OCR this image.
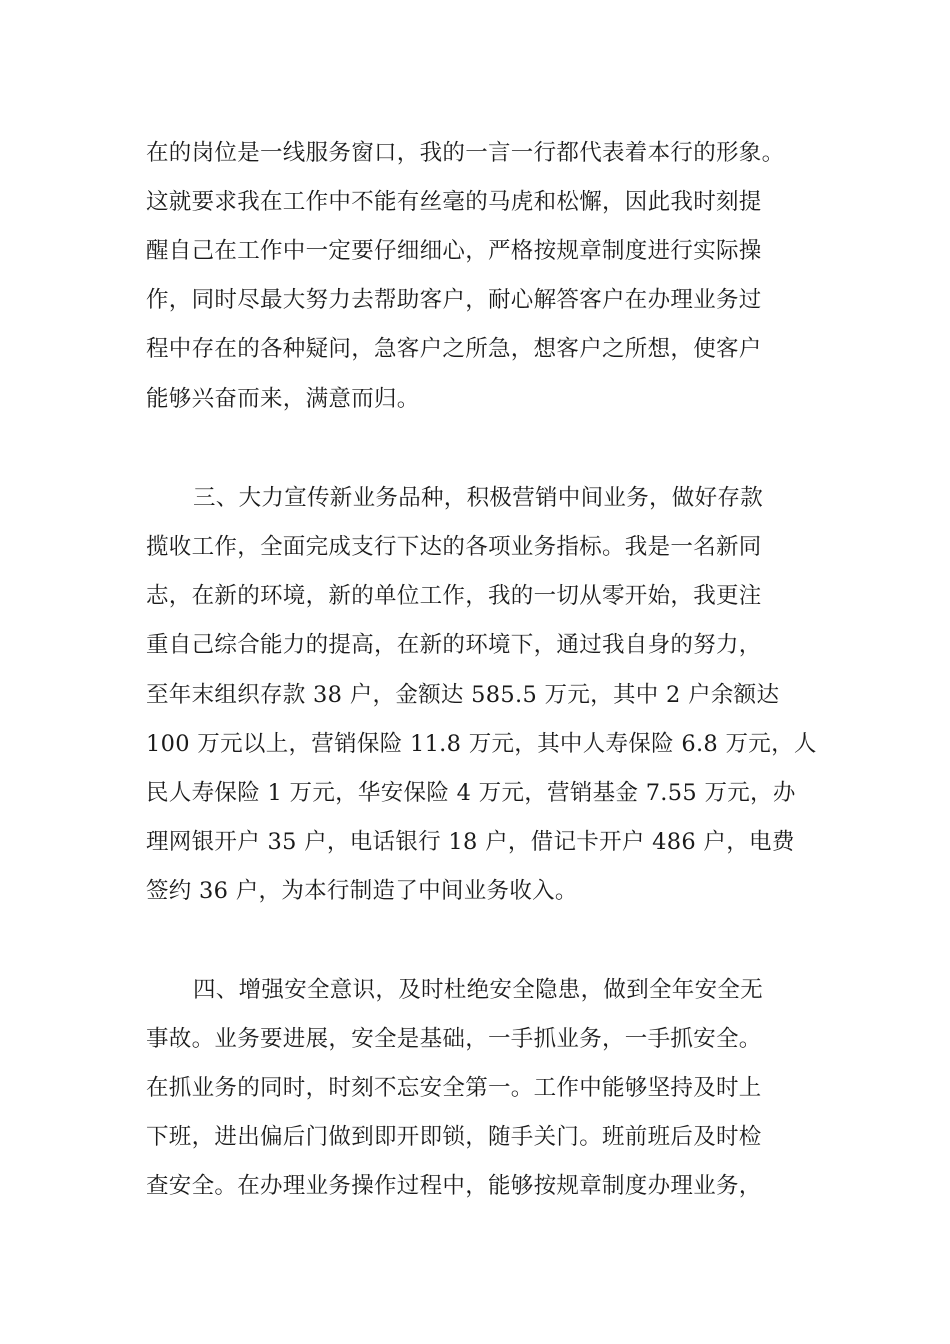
在的岗位是一线服务窗口，我的一言一行都代表着本行的形象。
这就要求我在工作中不能有丝毫的马虎和松懈，因此我时刻提
醒自己在工作中一定要仔细细心，严格按规章制度进行实际操
作，同时尽最大努力去帮助客户，耐心解答客户在办理业务过
程中存在的各种疑问，急客户之所急，想客户之所想，使客户
能够兴奋而来，满意而归。
三、大力宣传新业务品种，积极营销中间业务，做好存款
揽收工作，全面完成支行下达的各项业务指标。我是一名新同
志，在新的环境，新的单位工作，我的一切从零开始，我更注
重自己综合能力的提高，在新的环境下，通过我自身的努力，
至年末组织存款 38 户，金额达 585.5 万元，其中 2 户余额达
100 万元以上，营销保险 11.8 万元，其中人寿保险 6.8 万元，人
民人寿保险 1 万元，华安保险 4 万元，营销基金 7.55 万元，办
理网银开户 35 户，电话银行 18 户，借记卡开户 486 户，电费
签约 36 户，为本行制造了中间业务收入。
四、增强安全意识，及时杜绝安全隐患，做到全年安全无
事故。业务要进展，安全是基础，一手抓业务，一手抓安全。
在抓业务的同时，时刻不忘安全第一。工作中能够坚持及时上
下班，进出偏后门做到即开即锁，随手关门。班前班后及时检
查安全。在办理业务操作过程中，能够按规章制度办理业务，
